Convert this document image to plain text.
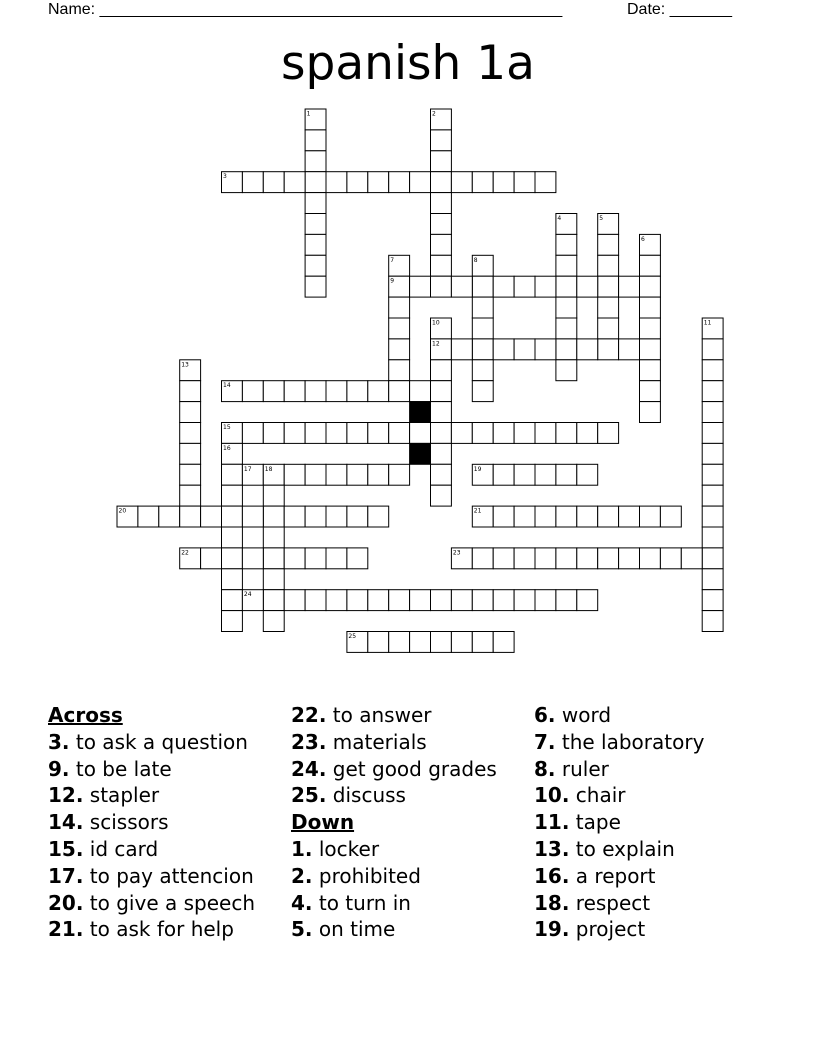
Name: ____________________________________________________	Date: _______
spanish 1a
1	2
3
4	5
6
7	8
9
10	11
12
13
14
15
16
17 18	19
20	21
22	23
24
25
Across
3. to ask a question
9. to be late
12. stapler
14. scissors
15. id card
17. to pay attencion
20. to give a speech
21. to ask for help
22. to answer
23. materials
24. get good grades
25. discuss
Down
1. locker
2. prohibited
4. to turn in
5. on time
6. word
7. the laboratory
8. ruler
10. chair
11. tape
13. to explain
16. a report
18. respect
19. project
